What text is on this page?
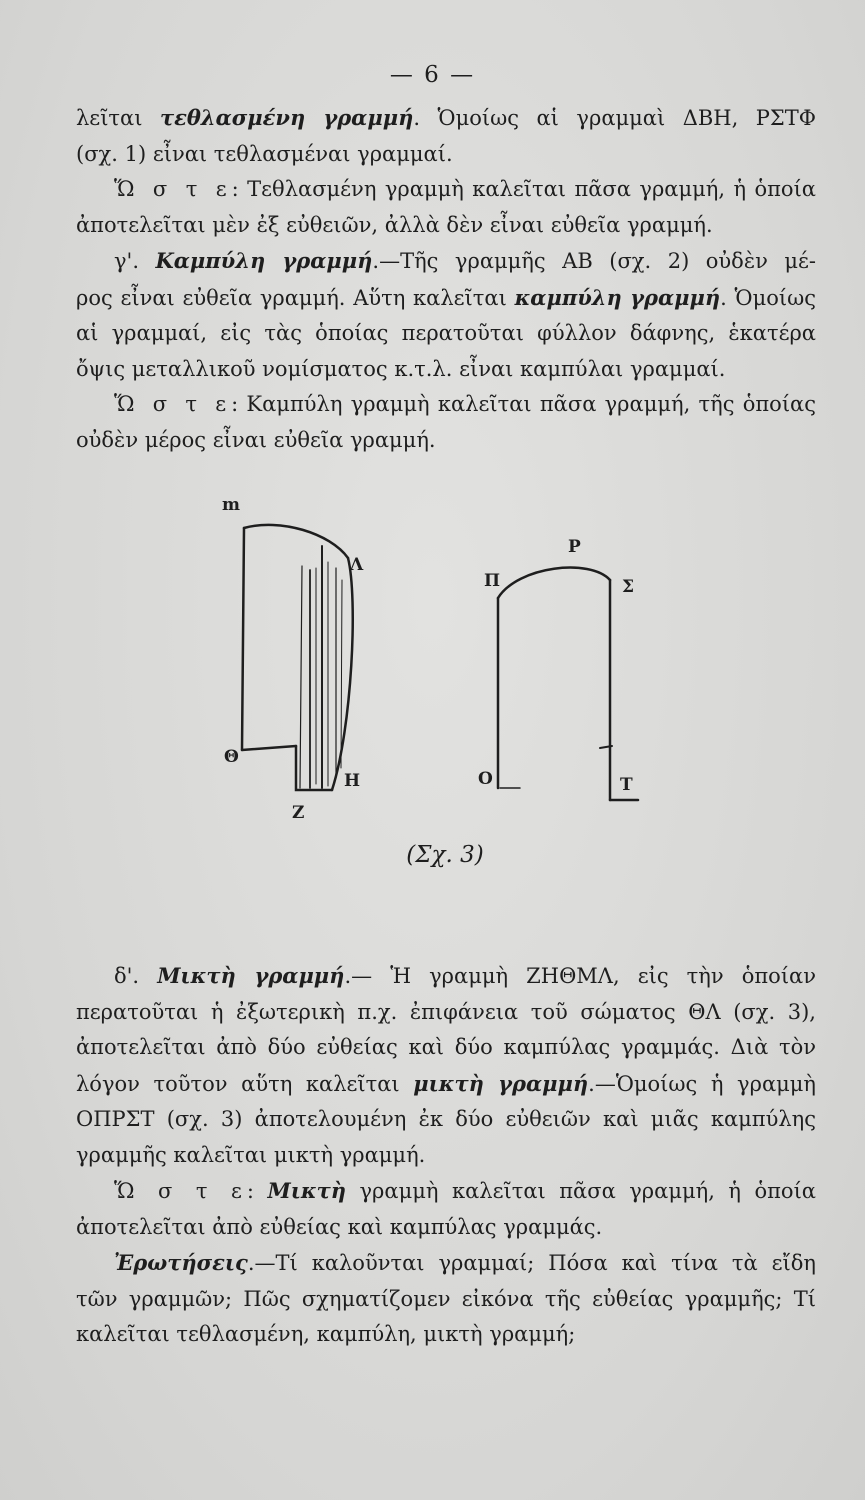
— 6 —
λεῖται τεθλασμένη γραμμή. Ὁμοίως αἱ γραμμαὶ ΔΒΗ, ΡΣΤΦ
(σχ. 1) εἶναι τεθλασμέναι γραμμαί.
Ὥ σ τ ε: Τεθλασμένη γραμμὴ καλεῖται πᾶσα γραμμή, ἡ ὁποία
ἀποτελεῖται μὲν ἐξ εὐθειῶν, ἀλλὰ δὲν εἶναι εὐθεῖα γραμμή.
γ'. Καμπύλη γραμμή.—Τῆς γραμμῆς ΑΒ (σχ. 2) οὐδὲν μέ-
ρος εἶναι εὐθεῖα γραμμή. Αὕτη καλεῖται καμπύλη γραμμή. Ὁμοίως
αἱ γραμμαί, εἰς τὰς ὁποίας περατοῦται φύλλον δάφνης, ἑκατέρα
ὄψις μεταλλικοῦ νομίσματος κ.τ.λ. εἶναι καμπύλαι γραμμαί.
Ὥ σ τ ε: Καμπύλη γραμμὴ καλεῖται πᾶσα γραμμή, τῆς ὁποίας
οὐδὲν μέρος εἶναι εὐθεῖα γραμμή.
m
Λ
Θ
Η
Ζ
Ρ
Π	Σ
Ο	Τ
(Σχ. 3)
δ'. Μικτὴ γραμμή.— Ἡ γραμμὴ ΖΗΘΜΛ, εἰς τὴν ὁποίαν
περατοῦται ἡ ἐξωτερικὴ π.χ. ἐπιφάνεια τοῦ σώματος ΘΛ (σχ. 3),
ἀποτελεῖται ἀπὸ δύο εὐθείας καὶ δύο καμπύλας γραμμάς. Διὰ τὸν
λόγον τοῦτον αὕτη καλεῖται μικτὴ γραμμή.—Ὁμοίως ἡ γραμμὴ
ΟΠΡΣΤ (σχ. 3) ἀποτελουμένη ἐκ δύο εὐθειῶν καὶ μιᾶς καμπύλης
γραμμῆς καλεῖται μικτὴ γραμμή.
Ὥ σ τ ε: Μικτὴ γραμμὴ καλεῖται πᾶσα γραμμή, ἡ ὁποία
ἀποτελεῖται ἀπὸ εὐθείας καὶ καμπύλας γραμμάς.
Ἐρωτήσεις.—Τί καλοῦνται γραμμαί; Πόσα καὶ τίνα τὰ εἴδη
τῶν γραμμῶν; Πῶς σχηματίζομεν εἰκόνα τῆς εὐθείας γραμμῆς; Τί
καλεῖται τεθλασμένη, καμπύλη, μικτὴ γραμμή;
